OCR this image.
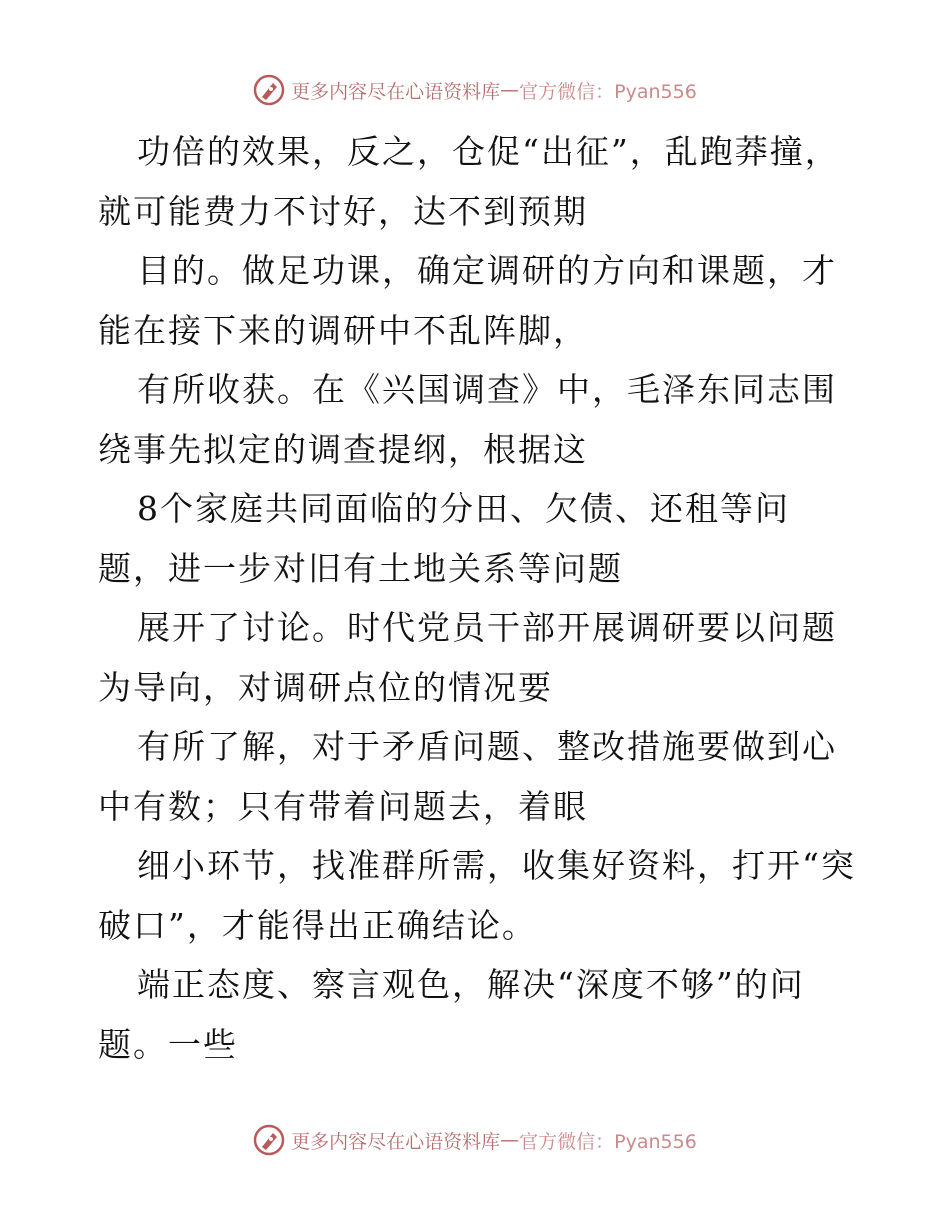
更多内容尽在心语资料库 — 官方微信：Pyan556

功倍的效果，反之，仓促“出征”，乱跑莽撞，就可能费力不讨好，达不到预期

目的。做足功课，确定调研的方向和课题，才能在接下来的调研中不乱阵脚，

有所收获。在《兴国调查》中，毛泽东同志围绕事先拟定的调查提纲，根据这

8个家庭共同面临的分田、欠债、还租等问题，进一步对旧有土地关系等问题

展开了讨论。时代党员干部开展调研要以问题为导向，对调研点位的情况要

有所了解，对于矛盾问题、整改措施要做到心中有数；只有带着问题去，着眼

细小环节，找准群所需，收集好资料，打开“突破口”，才能得出正确结论。

端正态度、察言观色，解决“深度不够”的问题。一些

更多内容尽在心语资料库 — 官方微信：Pyan556
